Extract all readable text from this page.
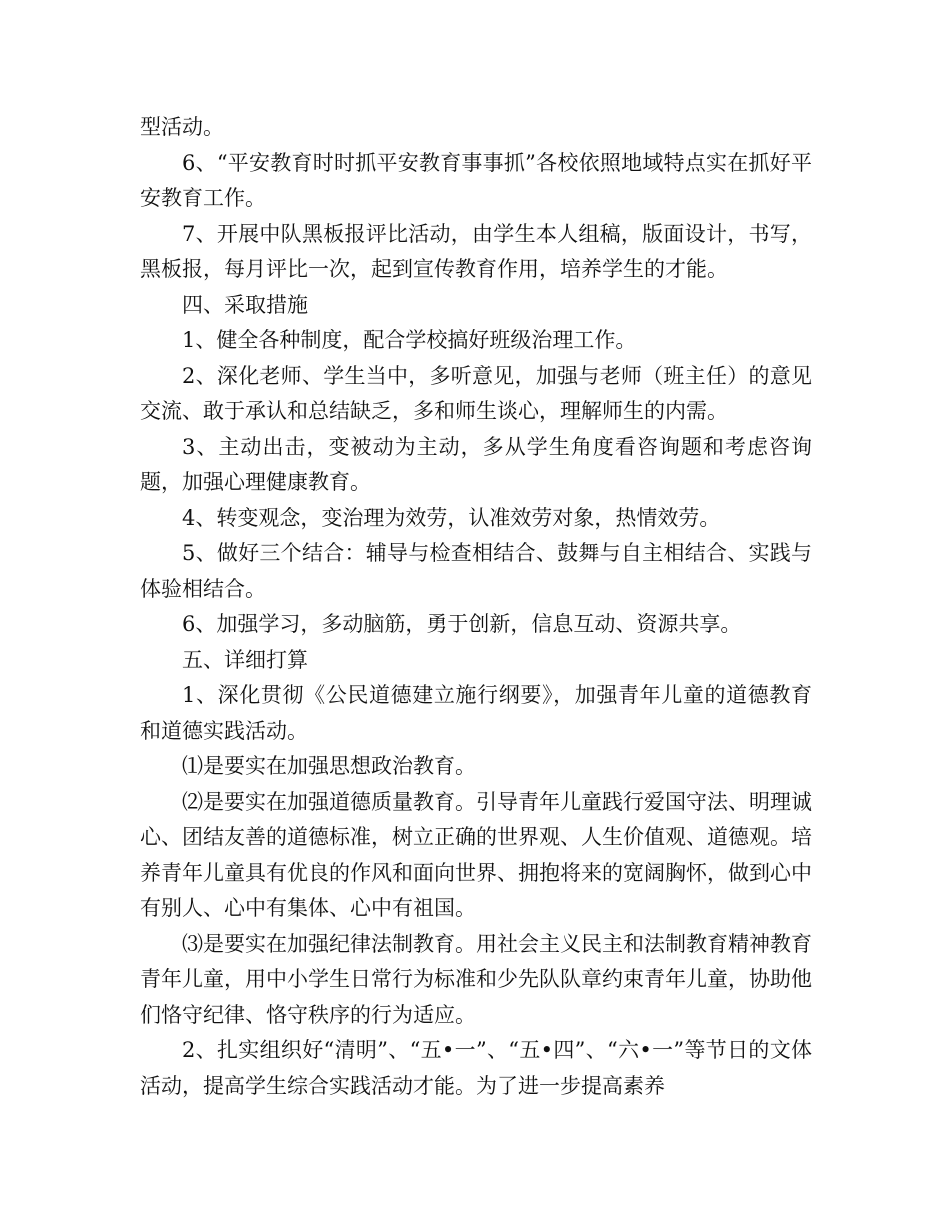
型活动。

6、“平安教育时时抓平安教育事事抓”各校依照地域特点实在抓好平安教育工作。

7、开展中队黑板报评比活动，由学生本人组稿，版面设计，书写，黑板报，每月评比一次，起到宣传教育作用，培养学生的才能。

四、采取措施

1、健全各种制度，配合学校搞好班级治理工作。

2、深化老师、学生当中，多听意见，加强与老师（班主任）的意见交流、敢于承认和总结缺乏，多和师生谈心，理解师生的内需。

3、主动出击，变被动为主动，多从学生角度看咨询题和考虑咨询题，加强心理健康教育。

4、转变观念，变治理为效劳，认准效劳对象，热情效劳。

5、做好三个结合：辅导与检查相结合、鼓舞与自主相结合、实践与体验相结合。

6、加强学习，多动脑筋，勇于创新，信息互动、资源共享。

五、详细打算

1、深化贯彻《公民道德建立施行纲要》，加强青年儿童的道德教育和道德实践活动。

⑴是要实在加强思想政治教育。

⑵是要实在加强道德质量教育。引导青年儿童践行爱国守法、明理诚心、团结友善的道德标准，树立正确的世界观、人生价值观、道德观。培养青年儿童具有优良的作风和面向世界、拥抱将来的宽阔胸怀，做到心中有别人、心中有集体、心中有祖国。

⑶是要实在加强纪律法制教育。用社会主义民主和法制教育精神教育青年儿童，用中小学生日常行为标准和少先队队章约束青年儿童，协助他们恪守纪律、恪守秩序的行为适应。

2、扎实组织好“清明”、“五•一”、“五•四”、“六•一”等节日的文体活动，提高学生综合实践活动才能。为了进一步提高素养
